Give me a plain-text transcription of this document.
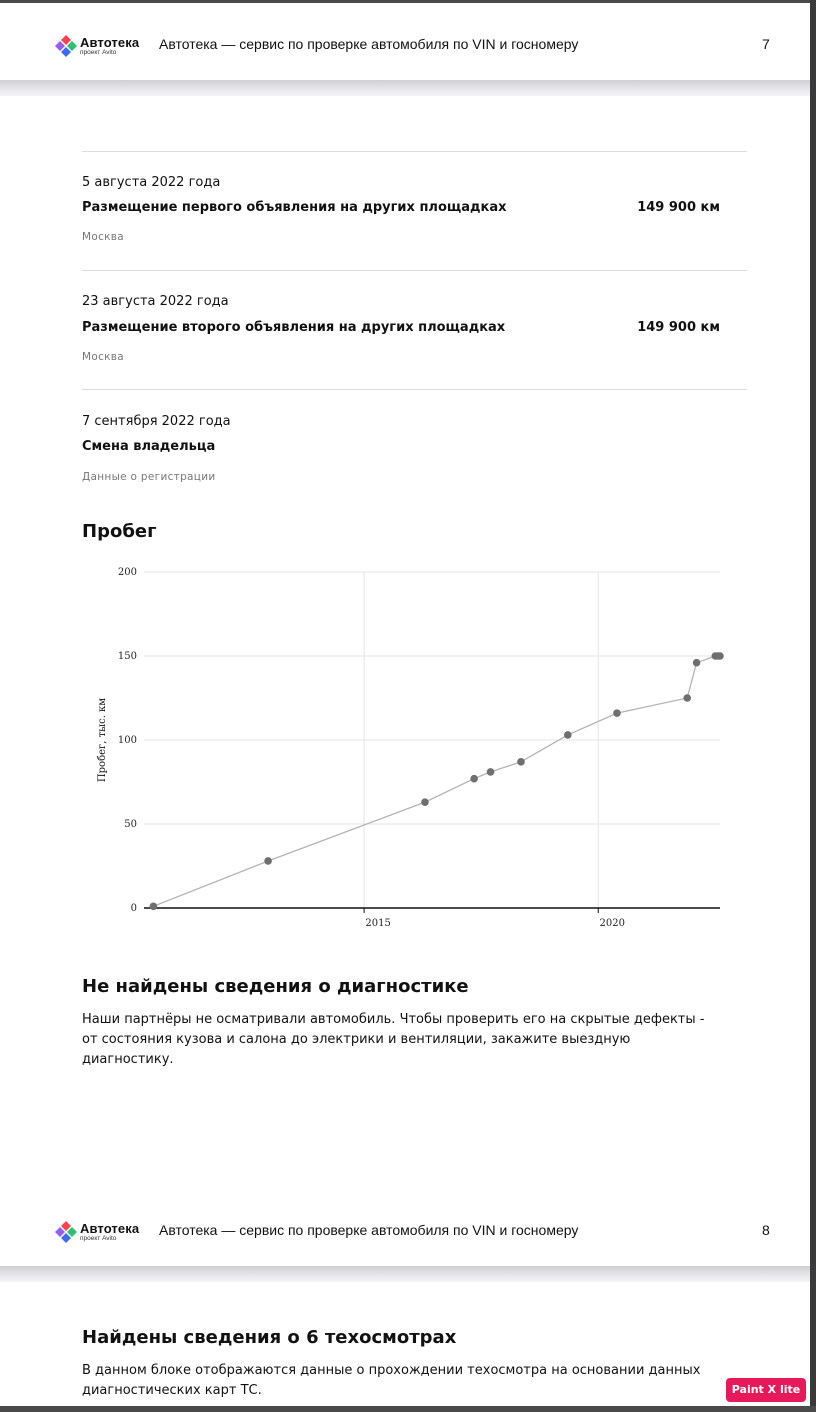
Автотека
проект Avito
Автотека — сервис по проверке автомобиля по VIN и госномеру	7
5 августа 2022 года
Размещение первого объявления на других площадках	149 900 км
Москва
23 августа 2022 года
Размещение второго объявления на других площадках	149 900 км
Москва
7 сентября 2022 года
Смена владельца
Данные о регистрации
Пробег
0
50
100
150
200
2015	2020
Пробег, тыс. км
Не найдены сведения о диагностике
Наши партнёры не осматривали автомобиль. Чтобы проверить его на скрытые дефекты -
от состояния кузова и салона до электрики и вентиляции, закажите выездную диагностику.
Автотека
проект Avito
Автотека — сервис по проверке автомобиля по VIN и госномеру	8
Найдены сведения о 6 техосмотрах
В данном блоке отображаются данные о прохождении техосмотра на основании данных
диагностических карт ТС.	Paint X lite
